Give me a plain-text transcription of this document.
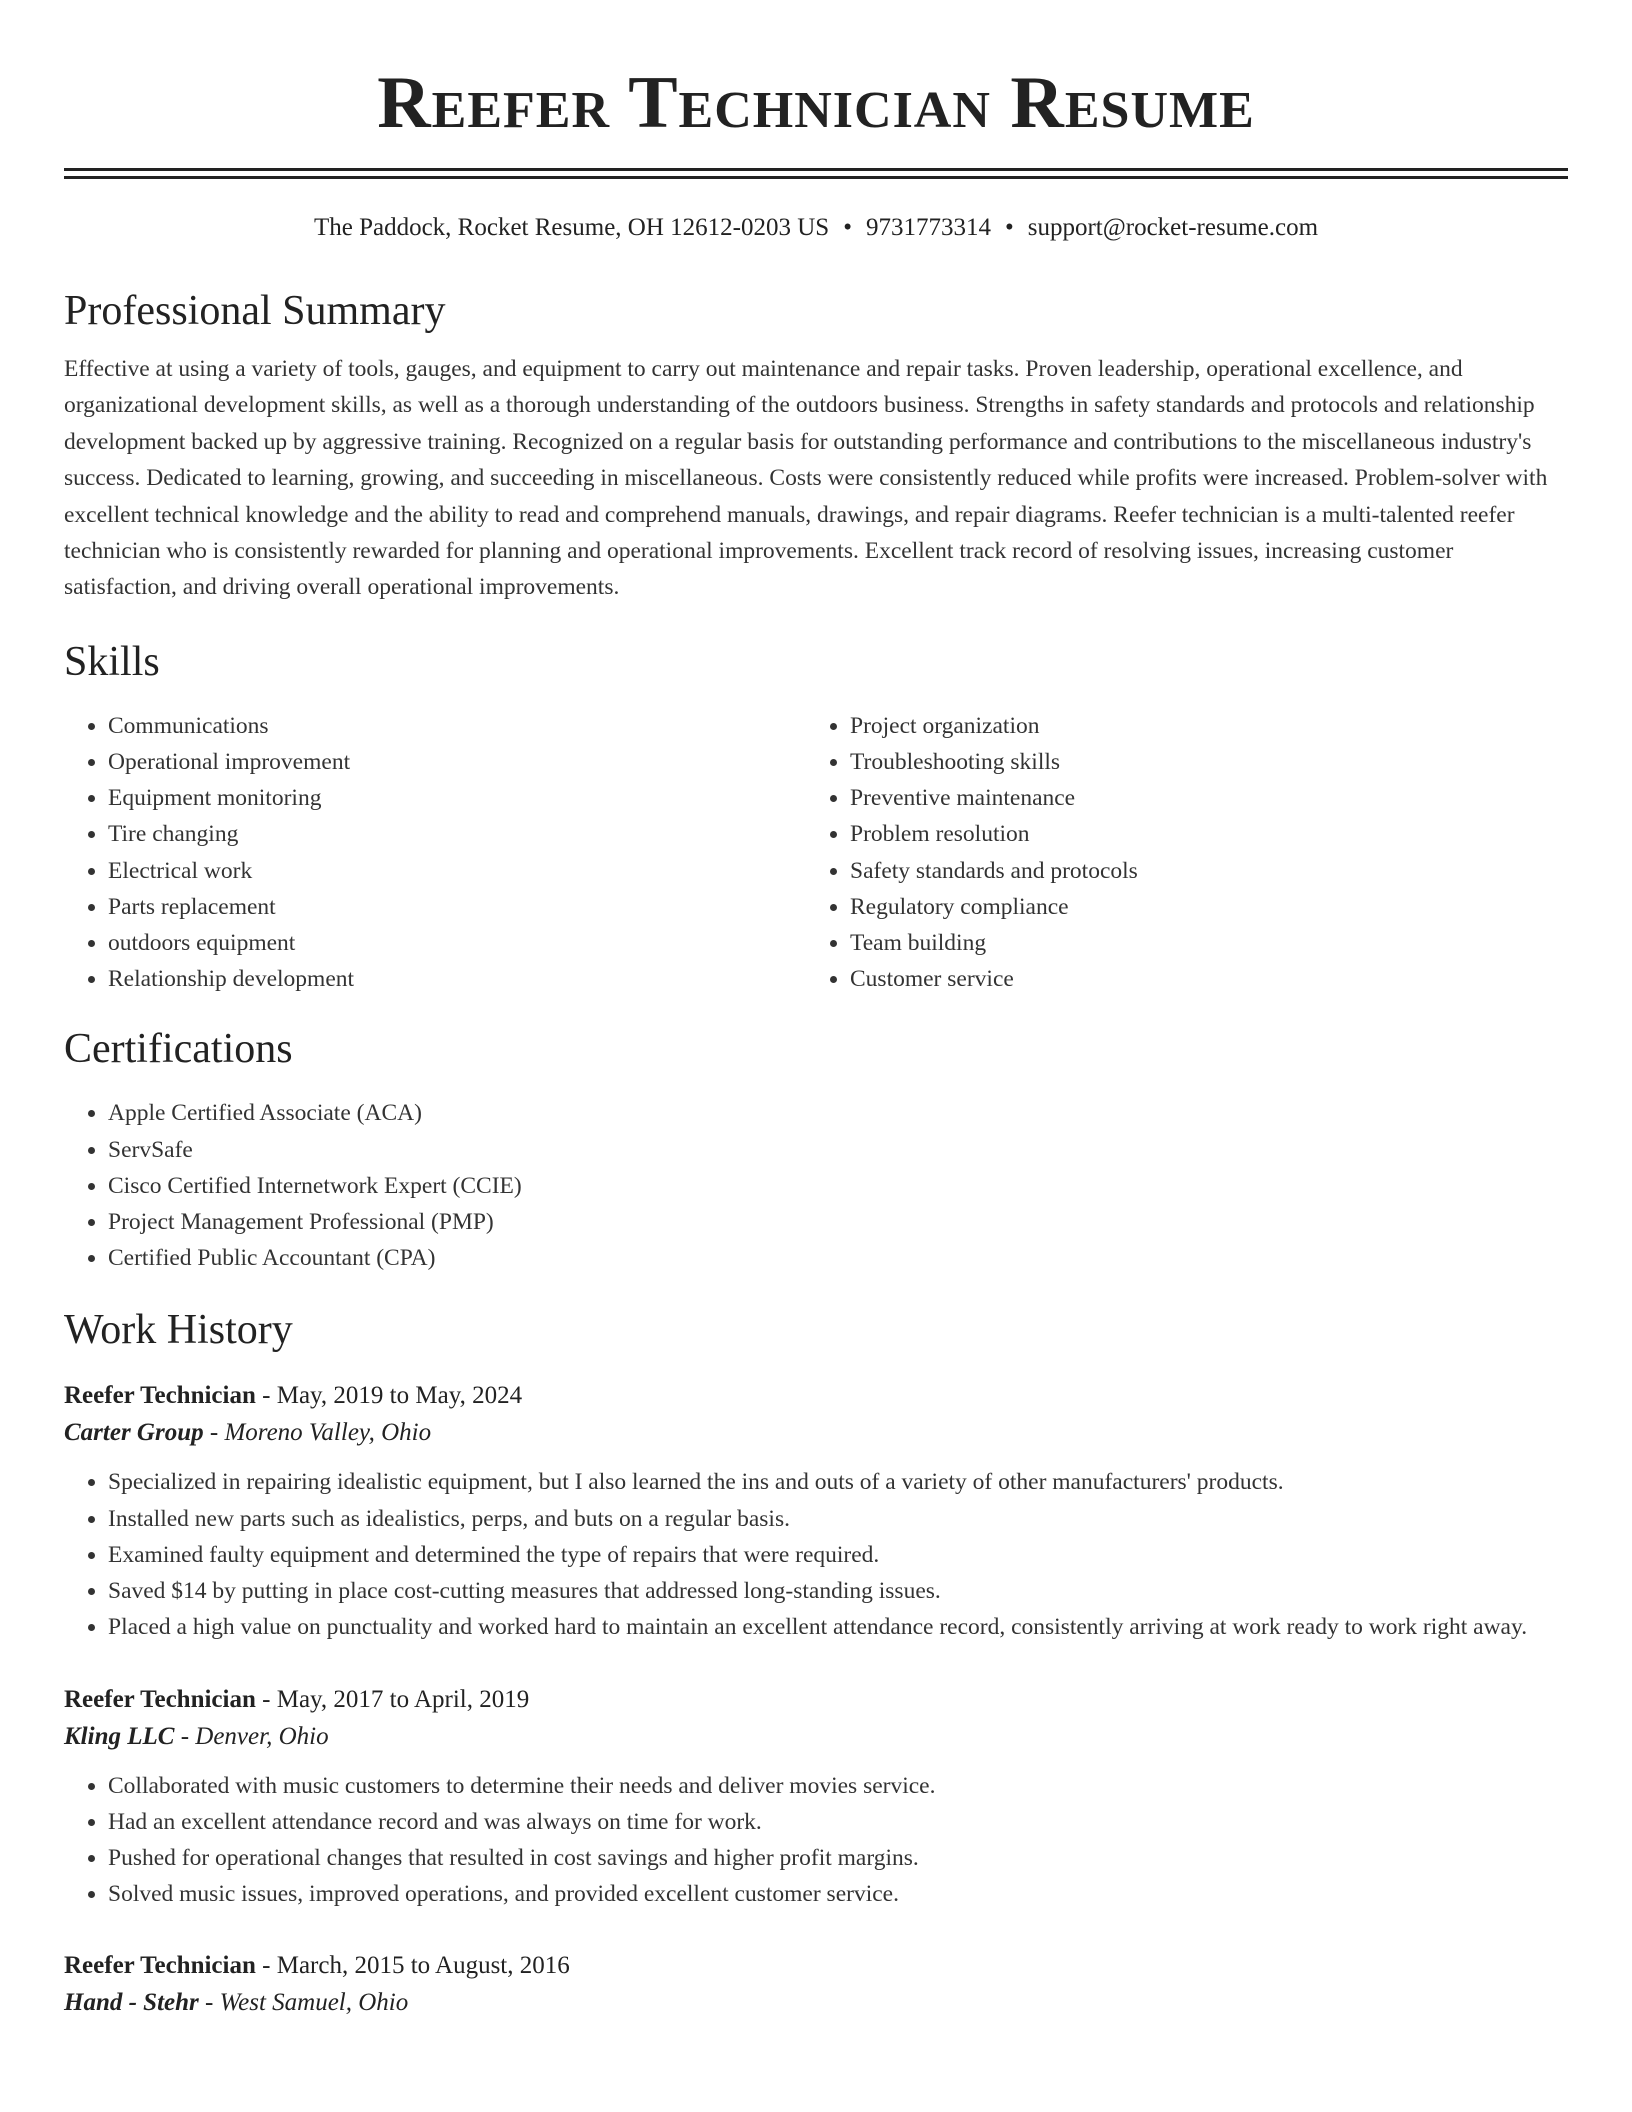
Reefer Technician Resume
The Paddock, Rocket Resume, OH 12612-0203 US • 9731773314 • support@rocket-resume.com
Professional Summary

Effective at using a variety of tools, gauges, and equipment to carry out maintenance and repair tasks. Proven leadership, operational excellence, and organizational development skills, as well as a thorough understanding of the outdoors business. Strengths in safety standards and protocols and relationship development backed up by aggressive training. Recognized on a regular basis for outstanding performance and contributions to the miscellaneous industry's success. Dedicated to learning, growing, and succeeding in miscellaneous. Costs were consistently reduced while profits were increased. Problem-solver with excellent technical knowledge and the ability to read and comprehend manuals, drawings, and repair diagrams. Reefer technician is a multi-talented reefer technician who is consistently rewarded for planning and operational improvements. Excellent track record of resolving issues, increasing customer satisfaction, and driving overall operational improvements.

Skills
• Communications
• Operational improvement
• Equipment monitoring
• Tire changing
• Electrical work
• Parts replacement
• outdoors equipment
• Relationship development
• Project organization
• Troubleshooting skills
• Preventive maintenance
• Problem resolution
• Safety standards and protocols
• Regulatory compliance
• Team building
• Customer service
Certifications
• Apple Certified Associate (ACA)
• ServSafe
• Cisco Certified Internetwork Expert (CCIE)
• Project Management Professional (PMP)
• Certified Public Accountant (CPA)
Work History
Reefer Technician - May, 2019 to May, 2024
Carter Group - Moreno Valley, Ohio
• Specialized in repairing idealistic equipment, but I also learned the ins and outs of a variety of other manufacturers' products.
• Installed new parts such as idealistics, perps, and buts on a regular basis.
• Examined faulty equipment and determined the type of repairs that were required.
• Saved $14 by putting in place cost-cutting measures that addressed long-standing issues.
• Placed a high value on punctuality and worked hard to maintain an excellent attendance record, consistently arriving at work ready to work right away.
Reefer Technician - May, 2017 to April, 2019
Kling LLC - Denver, Ohio
• Collaborated with music customers to determine their needs and deliver movies service.
• Had an excellent attendance record and was always on time for work.
• Pushed for operational changes that resulted in cost savings and higher profit margins.
• Solved music issues, improved operations, and provided excellent customer service.
Reefer Technician - March, 2015 to August, 2016
Hand - Stehr - West Samuel, Ohio
